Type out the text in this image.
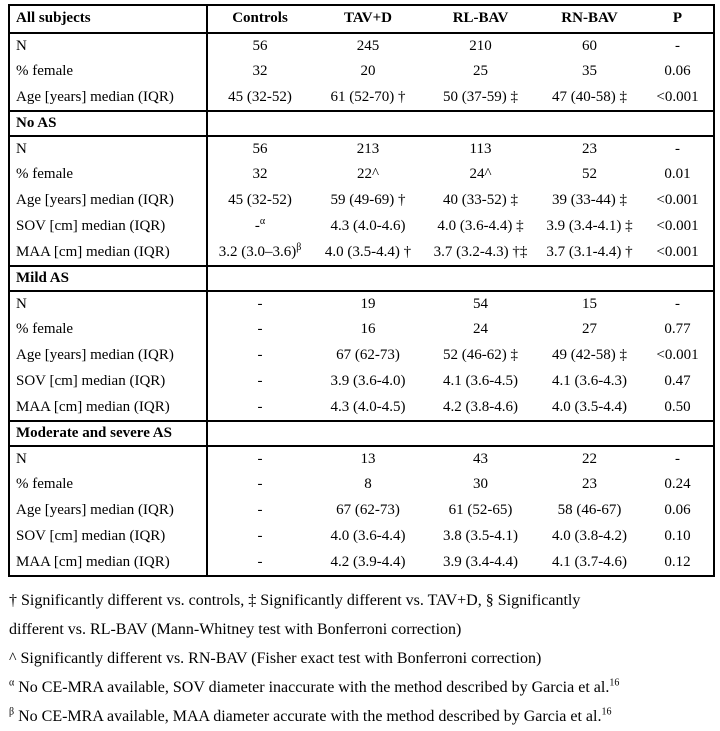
All subjects	Controls	TAV+D	RL-BAV	RN-BAV	P
N	56	245	210	60	-
% female	32	20	25	35	0.06
Age [years] median (IQR)	45 (32-52)	61 (52-70) †	50 (37-59) ‡	47 (40-58) ‡	<0.001
No AS					
N	56	213	113	23	-
% female	32	22^	24^	52	0.01
Age [years] median (IQR)	45 (32-52)	59 (49-69) †	40 (33-52) ‡	39 (33-44) ‡	<0.001
SOV [cm] median (IQR)	-$^\alpha$	4.3 (4.0-4.6)	4.0 (3.6-4.4) ‡	3.9 (3.4-4.1) ‡	<0.001
MAA [cm] median (IQR)	3.2 $(3.0-3.6)^\beta$	4.0 (3.5-4.4) †	3.7 (3.2-4.3) †‡	3.7 (3.1-4.4) †	<0.001
Mild AS					
N	-	19	54	15	-
% female	-	16	24	27	0.77
Age [years] median (IQR)	-	67 (62-73)	52 (46-62) ‡	49 (42-58) ‡	<0.001
SOV [cm] median (IQR)	-	3.9 (3.6-4.0)	4.1 (3.6-4.5)	4.1 (3.6-4.3)	0.47
MAA [cm] median (IQR)	-	4.3 (4.0-4.5)	4.2 (3.8-4.6)	4.0 (3.5-4.4)	0.50
Moderate and severe AS					
N	-	13	43	22	-
% female	-	8	30	23	0.24
Age [years] median (IQR)	-	67 (62-73)	61 (52-65)	58 (46-67)	0.06
SOV [cm] median (IQR)	-	4.0 (3.6-4.4)	3.8 (3.5-4.1)	4.0 (3.8-4.2)	0.10
MAA [cm] median (IQR)	-	4.2 (3.9-4.4)	3.9 (3.4-4.4)	4.1 (3.7-4.6)	0.12
† Significantly different vs. controls, ‡ Significantly different vs. TAV+D, § Significantly
different vs. RL-BAV (Mann-Whitney test with Bonferroni correction)
^ Significantly different vs. RN-BAV (Fisher exact test with Bonferroni correction)
$^\alpha$ No CE-MRA available, SOV diameter inaccurate with the method described by Garcia et al.$^{16}$
$^\beta$ No CE-MRA available, MAA diameter accurate with the method described by Garcia et al.$^{16}$
